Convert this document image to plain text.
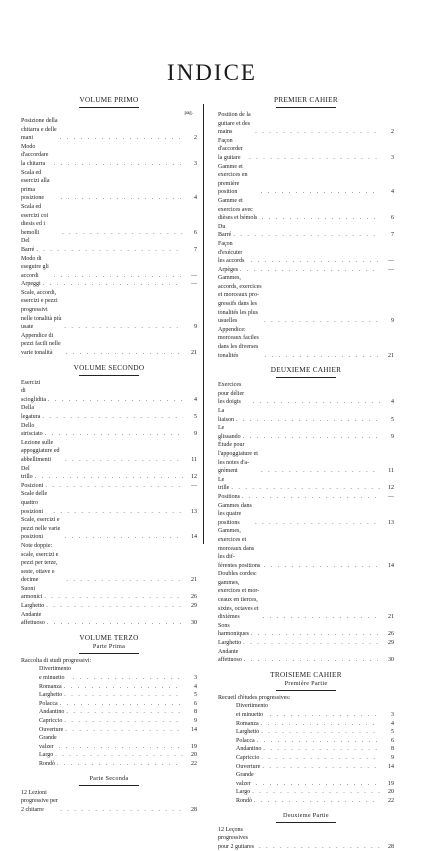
INDICE
VOLUME PRIMO
pag.
Posizione della chitarra e delle mani . . .	2
Modo d'accordare la chitarra . . .	3
Scala ed esercizi alla prima posizione . . .	4
Scala ed esercizi coi diesis ed i bemolli . . .	6
Del Barré . . .	7
Modo di eseguire gli accordi . . .	—
Arpeggi . . .	—
Scale, accordi, esercizi e pezzi progressivi
nelle tonalità più usate . . .	9
Appendice di pezzi facili nelle varie tonalità . . .	21
VOLUME SECONDO
Esercizi di scioglidita . . .	4
Della legatura . . .	5
Dello strisciato . . .	9
Lezione sulle appoggiature ed abbellimenti . . .	11
Del trillo . . .	12
Posizioni . . .	—
Scale delle quattro posizioni . . .	13
Scale, esercizi e pezzi nelle varie posizioni . . .	14
Note doppie: scale, esercizi e pezzi per terze,
seste, ottave e decime . . .	21
Suoni armonici . . .	26
Larghetto . . .	29
Andante affettuoso . . .	30
VOLUME TERZO
Parte Prima
Raccolta di studi progressivi:
Divertimento e minuetto . . .	3
Romanza . . .	4
Larghetto . . .	5
Polacca . . .	6
Andantino . . .	8
Capriccio . . .	9
Ouverture . . .	14
Grande valzer . . .	19
Largo . . .	20
Rondò . . .	22
Parte Seconda
12 Lezioni progressive per 2 chitarre . . .	28
PREMIER CAHIER
Position de la guitare et des mains . . .	2
Façon d'accorder la guitare . . .	3
Gamme et exercices en première position . . .	4
Gamme et exercices avec dièses et bémols . . .	6
Du Barré . . .	7
Façon d'exécuter les accords . . .	—
Arpèges . . .	—
Gammes, accords, exercices et morceaux pro-
gressifs dans les tonalités les plus usuelles . . .	9
Appendice: morceaux faciles dans les diverses
tonalités . . .	21
DEUXIEME CAHIER
Exercices pour délier les doigts . . .	4
La liaison . . .	5
Le glissando . . .	9
Étude pour l'appoggiature et les notes d'a-
grément . . .	11
Le trille . . .	12
Positions . . .	—
Gammes dans les quatre positions . . .	13
Gammes, exercices et morceaux dans les dif-
férentes positions . . .	14
Doubles cordes: gammes, exercices et mor-
ceaux en tierces, sixtes, octaves et dixièmes . . .	21
Sons harmoniques . . .	26
Larghetto . . .	29
Andante affettuoso . . .	30
TROISIEME CAHIER
Première Partie
Recueil d'études progressives:
Divertimento et minuetto . . .	3
Romanza . . .	4
Larghetto . . .	5
Polacca . . .	6
Andantino . . .	8
Capriccio . . .	9
Ouverture . . .	14
Grande valzer . . .	19
Largo . . .	20
Rondò . . .	22
Deuxieme Partie
12 Leçons progressives pour 2 guitares . . .	28
